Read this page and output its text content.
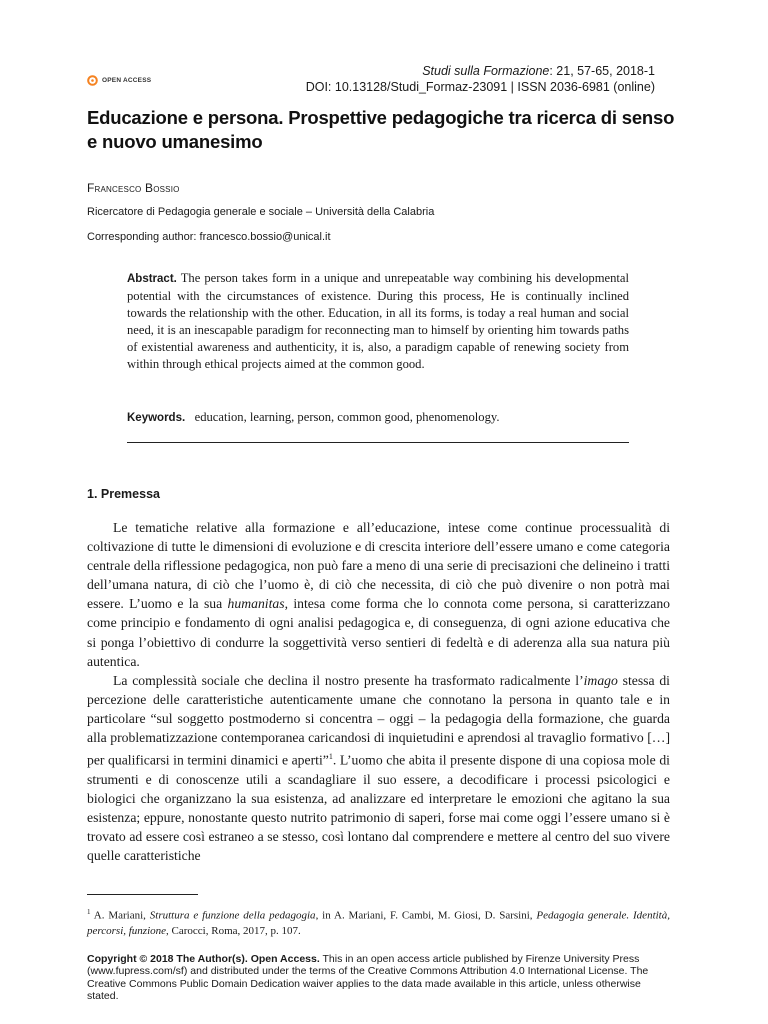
OPEN ACCESS
Studi sulla Formazione: 21, 57-65, 2018-1
DOI: 10.13128/Studi_Formaz-23091 | ISSN 2036-6981 (online)
Educazione e persona. Prospettive pedagogiche tra ricerca di senso e nuovo umanesimo
Francesco Bossio
Ricercatore di Pedagogia generale e sociale – Università della Calabria
Corresponding author: francesco.bossio@unical.it
Abstract. The person takes form in a unique and unrepeatable way combining his developmental potential with the circumstances of existence. During this process, He is continually inclined towards the relationship with the other. Education, in all its forms, is today a real human and social need, it is an inescapable paradigm for reconnecting man to himself by orienting him towards paths of existential awareness and authenticity, it is, also, a paradigm capable of renewing society from within through ethical projects aimed at the common good.
Keywords. education, learning, person, common good, phenomenology.
1. Premessa

Le tematiche relative alla formazione e all’educazione, intese come continue processualità di coltivazione di tutte le dimensioni di evoluzione e di crescita interiore dell’essere umano e come categoria centrale della riflessione pedagogica, non può fare a meno di una serie di precisazioni che delineino i tratti dell’umana natura, di ciò che l’uomo è, di ciò che necessita, di ciò che può divenire o non potrà mai essere. L’uomo e la sua humanitas, intesa come forma che lo connota come persona, si caratterizzano come principio e fondamento di ogni analisi pedagogica e, di conseguenza, di ogni azione educativa che si ponga l’obiettivo di condurre la soggettività verso sentieri di fedeltà e di aderenza alla sua natura più autentica.

La complessità sociale che declina il nostro presente ha trasformato radicalmente l’imago stessa di percezione delle caratteristiche autenticamente umane che connotano la persona in quanto tale e in particolare “sul soggetto postmoderno si concentra – oggi – la pedagogia della formazione, che guarda alla problematizzazione contemporanea caricandosi di inquietudini e aprendosi al travaglio formativo […] per qualificarsi in termini dinamici e aperti”$^1$. L’uomo che abita il presente dispone di una copiosa mole di strumenti e di conoscenze utili a scandagliare il suo essere, a decodificare i processi psicologici e biologici che organizzano la sua esistenza, ad analizzare ed interpretare le emozioni che agitano la sua esistenza; eppure, nonostante questo nutrito patrimonio di saperi, forse mai come oggi l’essere umano si è trovato ad essere così estraneo a se stesso, così lontano dal comprendere e mettere al centro del suo vivere quelle caratteristiche

$^1$ A. Mariani, Struttura e funzione della pedagogia, in A. Mariani, F. Cambi, M. Giosi, D. Sarsini, Pedagogia generale. Identità, percorsi, funzione, Carocci, Roma, 2017, p. 107.
Copyright © 2018 The Author(s). Open Access. This in an open access article published by Firenze University Press (www.fupress.com/sf) and distributed under the terms of the Creative Commons Attribution 4.0 International License. The Creative Commons Public Domain Dedication waiver applies to the data made available in this article, unless otherwise stated.
